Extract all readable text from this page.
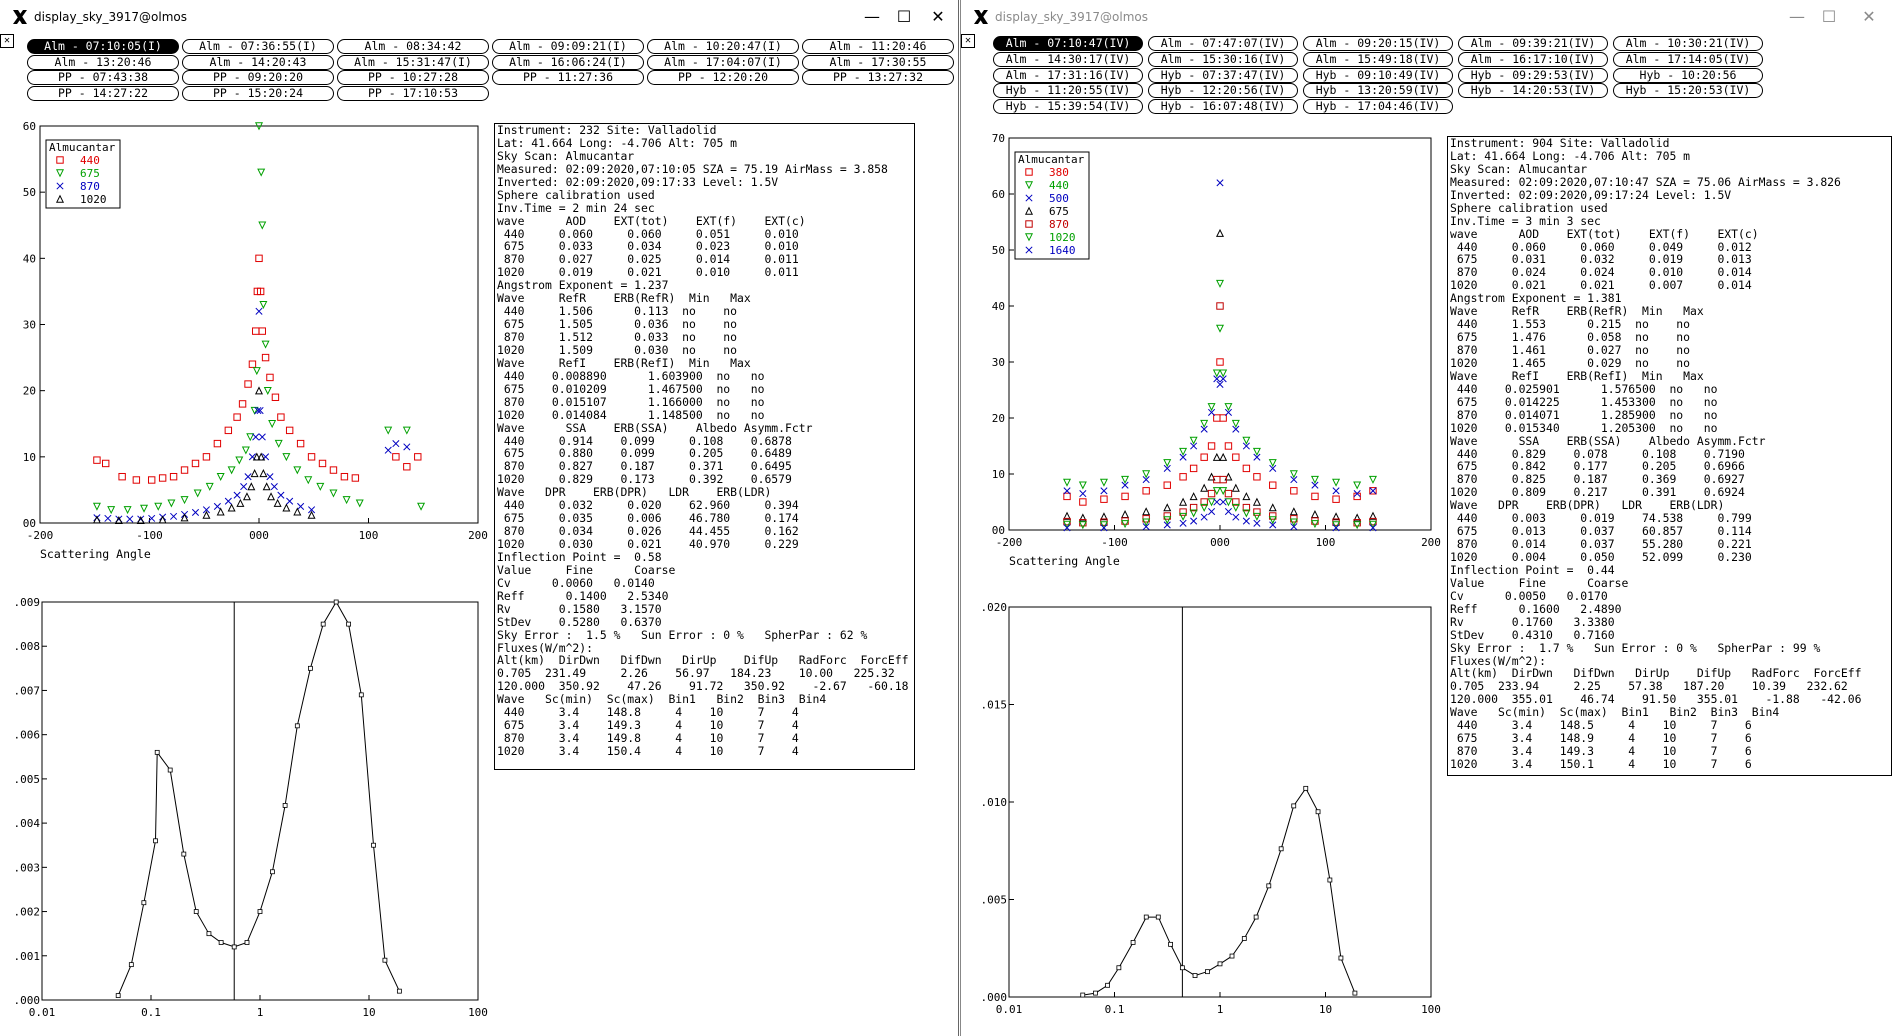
display_sky_3917@olmos	—	☐	✕
✕	Alm - 07:10:05(I)	Alm - 07:36:55(I)	Alm - 08:34:42	Alm - 09:09:21(I)	Alm - 10:20:47(I)	Alm - 11:20:46
Alm - 13:20:46	Alm - 14:20:43	Alm - 15:31:47(I)	Alm - 16:06:24(I)	Alm - 17:04:07(I)	Alm - 17:30:55
PP - 07:43:38	PP - 09:20:20	PP - 10:27:28	PP - 11:27:36	PP - 12:20:20	PP - 13:27:32
PP - 14:27:22	PP - 15:20:24	PP - 17:10:53
00
10
20
30
40
50
60
-200	-100	000	100	200
Scattering Angle
Almucantar
440
675
870
1020
.000
.001
.002
.003
.004
.005
.006
.007
.008
.009
0.01	0.1	1	10	100
Instrument: 232 Site: Valladolid
Lat: 41.664 Long: -4.706 Alt: 705 m
Sky Scan: Almucantar
Measured: 02:09:2020,07:10:05 SZA = 75.19 AirMass = 3.858
Inverted: 02:09:2020,09:17:33 Level: 1.5V
Sphere calibration used
Inv.Time = 2 min 24 sec
wave      AOD    EXT(tot)    EXT(f)    EXT(c)
440     0.060     0.060     0.051     0.010
675     0.033     0.034     0.023     0.010
870     0.027     0.025     0.014     0.011
1020     0.019     0.021     0.010     0.011
Angstrom Exponent = 1.237
Wave     RefR    ERB(RefR)  Min   Max
440     1.506      0.113  no    no
675     1.505      0.036  no    no
870     1.512      0.033  no    no
1020     1.509      0.030  no    no
Wave     RefI    ERB(RefI)  Min   Max
440    0.008890      1.603900  no   no
675    0.010209      1.467500  no   no
870    0.015107      1.166000  no   no
1020    0.014084      1.148500  no   no
Wave      SSA    ERB(SSA)    Albedo Asymm.Fctr
440     0.914    0.099     0.108    0.6878
675     0.880    0.099     0.205    0.6489
870     0.827    0.187     0.371    0.6495
1020     0.829    0.173     0.392    0.6579
Wave   DPR    ERB(DPR)   LDR    ERB(LDR)
440     0.032     0.020    62.960     0.394
675     0.035     0.006    46.780     0.174
870     0.034     0.026    44.455     0.162
1020     0.030     0.021    40.970     0.229
Inflection Point =  0.58
Value     Fine      Coarse
Cv      0.0060   0.0140
Reff      0.1400   2.5340
Rv       0.1580   3.1570
StDev    0.5280   0.6370
Sky Error :  1.5 %   Sun Error : 0 %   SpherPar : 62 %
Fluxes(W/m^2):
Alt(km)  DirDwn   DifDwn   DirUp    DifUp   RadForc  ForcEff
0.705  231.49     2.26    56.97   184.23    10.00   225.32
120.000  350.92    47.26    91.72   350.92    -2.67   -60.18
Wave   Sc(min)  Sc(max)  Bin1   Bin2  Bin3  Bin4
440     3.4    148.8     4    10     7    4
675     3.4    149.3     4    10     7    4
870     3.4    149.8     4    10     7    4
1020     3.4    150.4     4    10     7    4
display_sky_3917@olmos	—	☐	✕
✕	Alm - 07:10:47(IV)	Alm - 07:47:07(IV)	Alm - 09:20:15(IV)	Alm - 09:39:21(IV)	Alm - 10:30:21(IV)
Alm - 14:30:17(IV)	Alm - 15:30:16(IV)	Alm - 15:49:18(IV)	Alm - 16:17:10(IV)	Alm - 17:14:05(IV)
Alm - 17:31:16(IV)	Hyb - 07:37:47(IV)	Hyb - 09:10:49(IV)	Hyb - 09:29:53(IV)	Hyb - 10:20:56
Hyb - 11:20:55(IV)	Hyb - 12:20:56(IV)	Hyb - 13:20:59(IV)	Hyb - 14:20:53(IV)	Hyb - 15:20:53(IV)
Hyb - 15:39:54(IV)	Hyb - 16:07:48(IV)	Hyb - 17:04:46(IV)
00
10
20
30
40
50
60
70
-200	-100	000	100	200
Scattering Angle
Almucantar
380
440
500
675
870
1020
1640
.000
.005
.010
.015
.020
0.01	0.1	1	10	100
Instrument: 904 Site: Valladolid
Lat: 41.664 Long: -4.706 Alt: 705 m
Sky Scan: Almucantar
Measured: 02:09:2020,07:10:47 SZA = 75.06 AirMass = 3.826
Inverted: 02:09:2020,09:17:24 Level: 1.5V
Sphere calibration used
Inv.Time = 3 min 3 sec
wave      AOD    EXT(tot)    EXT(f)    EXT(c)
440     0.060     0.060     0.049     0.012
675     0.031     0.032     0.019     0.013
870     0.024     0.024     0.010     0.014
1020     0.021     0.021     0.007     0.014
Angstrom Exponent = 1.381
Wave     RefR    ERB(RefR)  Min   Max
440     1.553      0.215  no    no
675     1.476      0.058  no    no
870     1.461      0.027  no    no
1020     1.465      0.029  no    no
Wave     RefI    ERB(RefI)  Min   Max
440    0.025901      1.576500  no   no
675    0.014225      1.453300  no   no
870    0.014071      1.285900  no   no
1020    0.015340      1.205300  no   no
Wave      SSA    ERB(SSA)    Albedo Asymm.Fctr
440     0.829    0.078     0.108    0.7190
675     0.842    0.177     0.205    0.6966
870     0.825    0.187     0.369    0.6927
1020     0.809    0.217     0.391    0.6924
Wave   DPR    ERB(DPR)   LDR    ERB(LDR)
440     0.003     0.019    74.538     0.799
675     0.013     0.037    60.857     0.114
870     0.014     0.037    55.280     0.221
1020     0.004     0.050    52.099     0.230
Inflection Point =  0.44
Value     Fine      Coarse
Cv      0.0050   0.0170
Reff      0.1600   2.4890
Rv       0.1760   3.3380
StDev    0.4310   0.7160
Sky Error :  1.7 %   Sun Error : 0 %   SpherPar : 99 %
Fluxes(W/m^2):
Alt(km)  DirDwn   DifDwn   DirUp    DifUp   RadForc  ForcEff
0.705  233.94     2.25    57.38   187.20    10.39   232.62
120.000  355.01    46.74    91.50   355.01    -1.88   -42.06
Wave   Sc(min)  Sc(max)  Bin1   Bin2  Bin3  Bin4
440     3.4    148.5     4    10     7    6
675     3.4    148.9     4    10     7    6
870     3.4    149.3     4    10     7    6
1020     3.4    150.1     4    10     7    6
